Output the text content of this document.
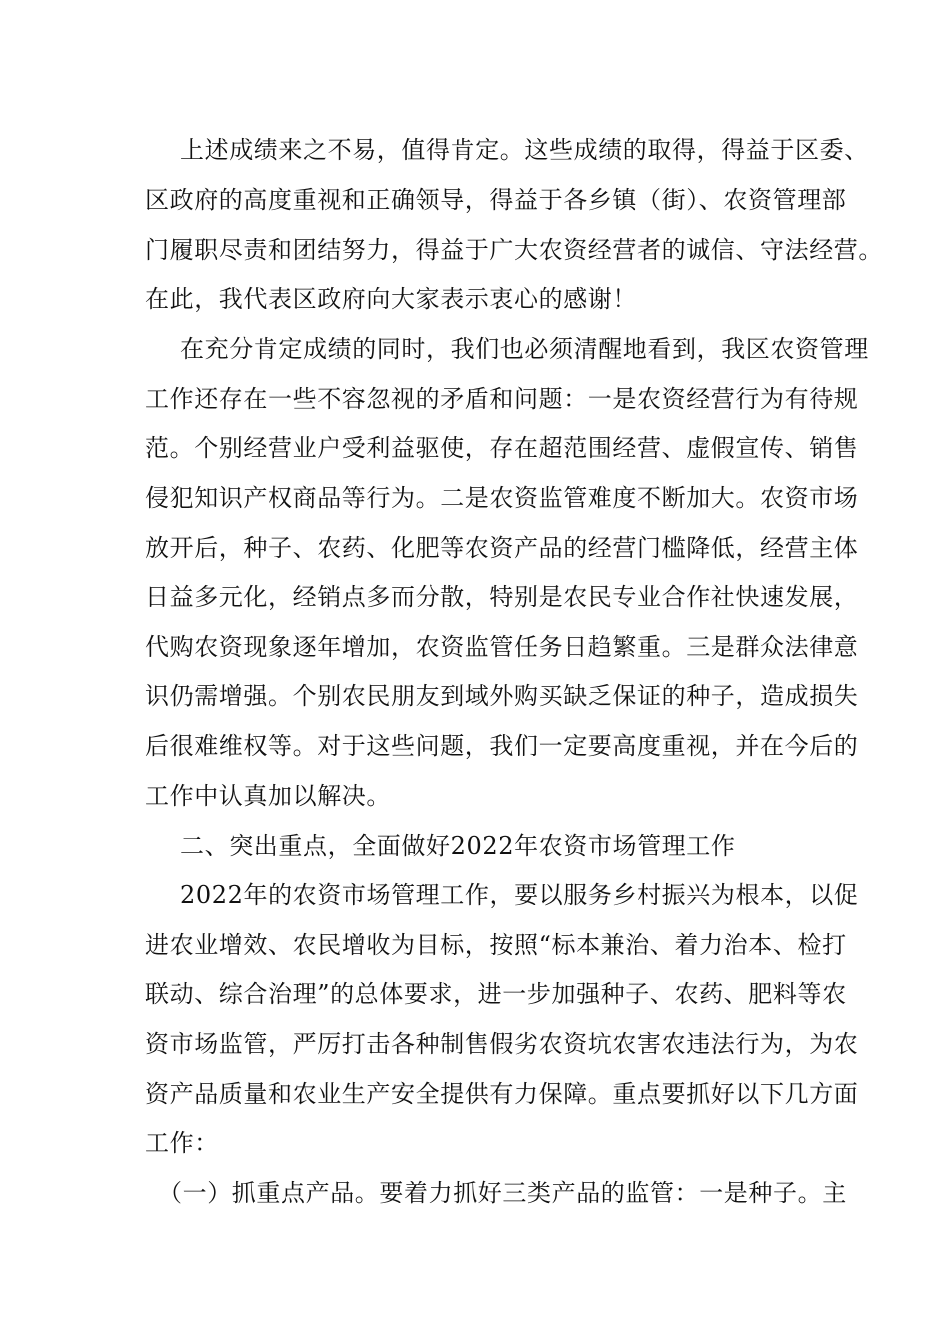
上述成绩来之不易，值得肯定。这些成绩的取得，得益于区委、
区政府的高度重视和正确领导，得益于各乡镇（街）、农资管理部
门履职尽责和团结努力，得益于广大农资经营者的诚信、守法经营。
在此，我代表区政府向大家表示衷心的感谢！
在充分肯定成绩的同时，我们也必须清醒地看到，我区农资管理
工作还存在一些不容忽视的矛盾和问题：一是农资经营行为有待规
范。个别经营业户受利益驱使，存在超范围经营、虚假宣传、销售
侵犯知识产权商品等行为。二是农资监管难度不断加大。农资市场
放开后，种子、农药、化肥等农资产品的经营门槛降低，经营主体
日益多元化，经销点多而分散，特别是农民专业合作社快速发展，
代购农资现象逐年增加，农资监管任务日趋繁重。三是群众法律意
识仍需增强。个别农民朋友到域外购买缺乏保证的种子，造成损失
后很难维权等。对于这些问题，我们一定要高度重视，并在今后的
工作中认真加以解决。
二、突出重点，全面做好2022年农资市场管理工作
2022年的农资市场管理工作，要以服务乡村振兴为根本，以促
进农业增效、农民增收为目标，按照“标本兼治、着力治本、检打
联动、综合治理”的总体要求，进一步加强种子、农药、肥料等农
资市场监管，严厉打击各种制售假劣农资坑农害农违法行为，为农
资产品质量和农业生产安全提供有力保障。重点要抓好以下几方面
工作：
（一）抓重点产品。要着力抓好三类产品的监管：一是种子。主
